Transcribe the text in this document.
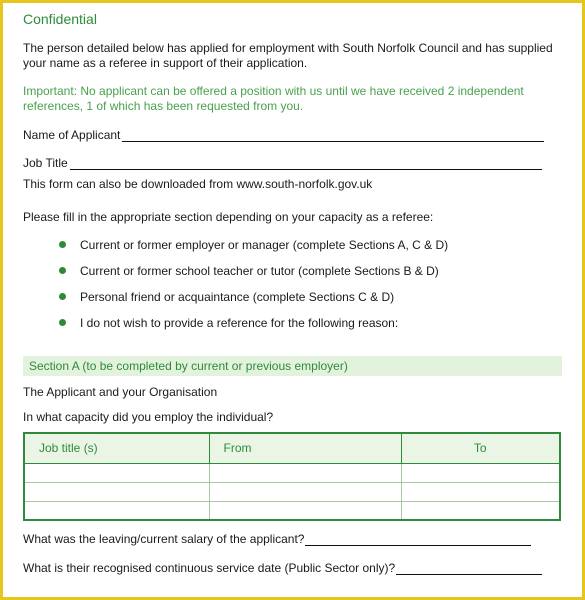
Confidential

The person detailed below has applied for employment with South Norfolk Council and has supplied your name as a referee in support of their application.

Important: No applicant can be offered a position with us until we have received 2 independent references, 1 of which has been requested from you.

Name of Applicant
Job Title
This form can also be downloaded from www.south-norfolk.gov.uk
Please fill in the appropriate section depending on your capacity as a referee:
Current or former employer or manager (complete Sections A, C & D)
Current or former school teacher or tutor (complete Sections B & D)
Personal friend or acquaintance (complete Sections C & D)
I do not wish to provide a reference for the following reason:
Section A (to be completed by current or previous employer)
The Applicant and your Organisation
In what capacity did you employ the individual?
Job title (s)	From	To

What was the leaving/current salary of the applicant?
What is their recognised continuous service date (Public Sector only)?
